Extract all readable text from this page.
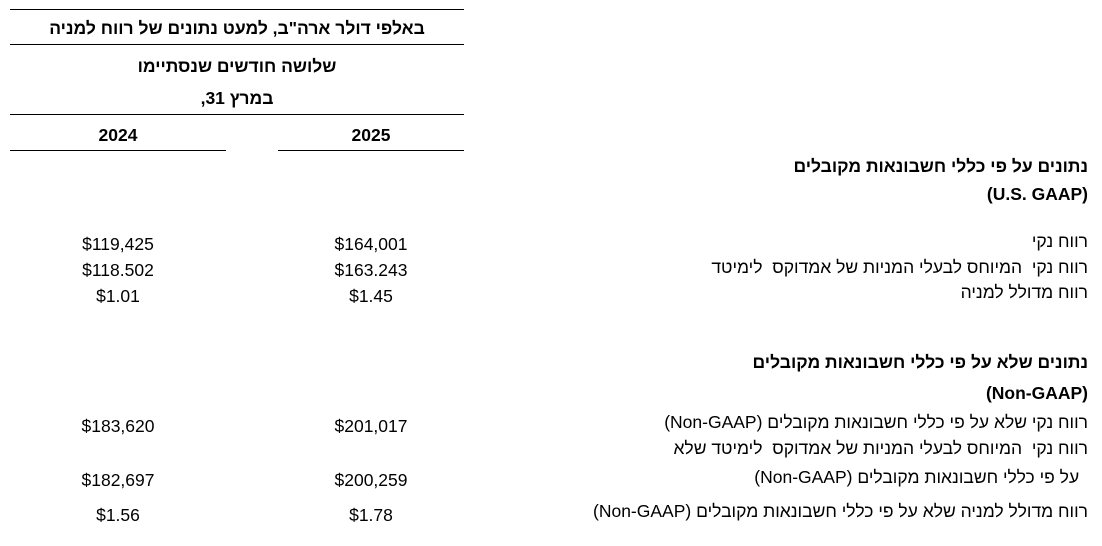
באלפי דולר ארה"ב, למעט נתונים של רווח למניה
שלושה חודשים שנסתיימו
במרץ 31,
2025
2024
נתונים על פי כללי חשבונאות מקובלים
(U.S. GAAP)
רווח נקי
$164,001
$119,425
רווח נקי  המיוחס לבעלי המניות של אמדוקס  לימיטד
$163.243
$118.502
רווח מדולל למניה
$1.45
$1.01
נתונים שלא על פי כללי חשבונאות מקובלים
(Non-GAAP)
רווח נקי שלא על פי כללי חשבונאות מקובלים (Non-GAAP)
$201,017
$183,620
רווח נקי  המיוחס לבעלי המניות של אמדוקס  לימיטד שלא
על פי כללי חשבונאות מקובלים (Non-GAAP)
$200,259
$182,697
רווח מדולל למניה שלא על פי כללי חשבונאות מקובלים (Non-GAAP)
$1.78
$1.56
